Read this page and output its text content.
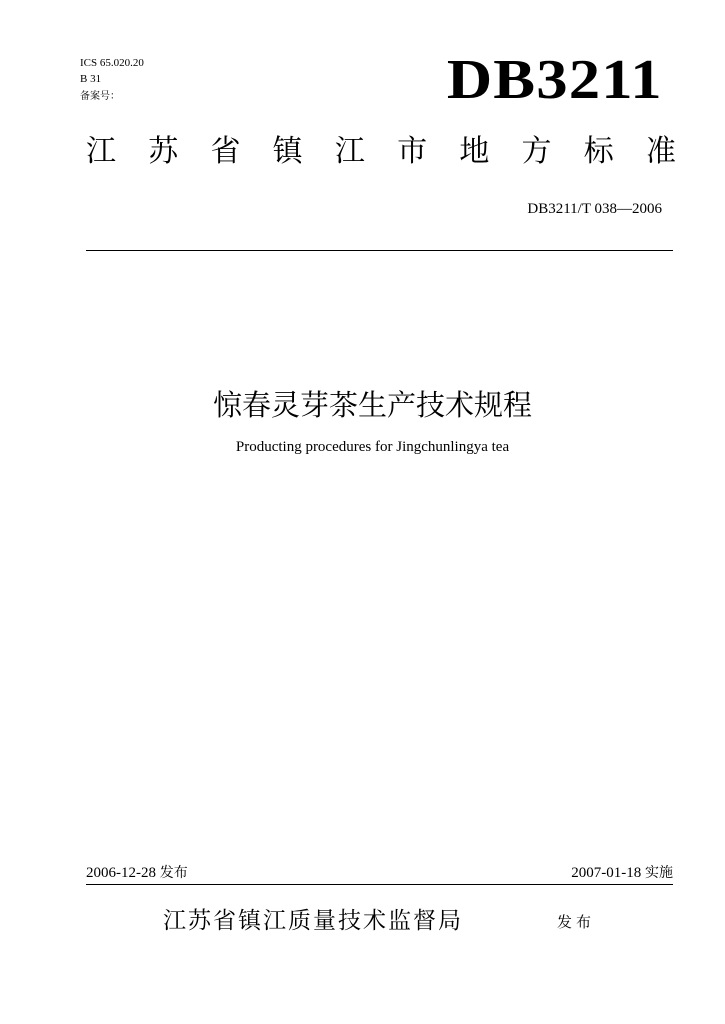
ICS 65.020.20
B 31
备案号：	DB3211
江 苏 省 镇 江 市 地 方 标 准
DB3211/T 038—2006
惊春灵芽茶生产技术规程
Producting procedures for Jingchunlingya tea
2006-12-28 发布	2007-01-18 实施
江苏省镇江质量技术监督局	发布
